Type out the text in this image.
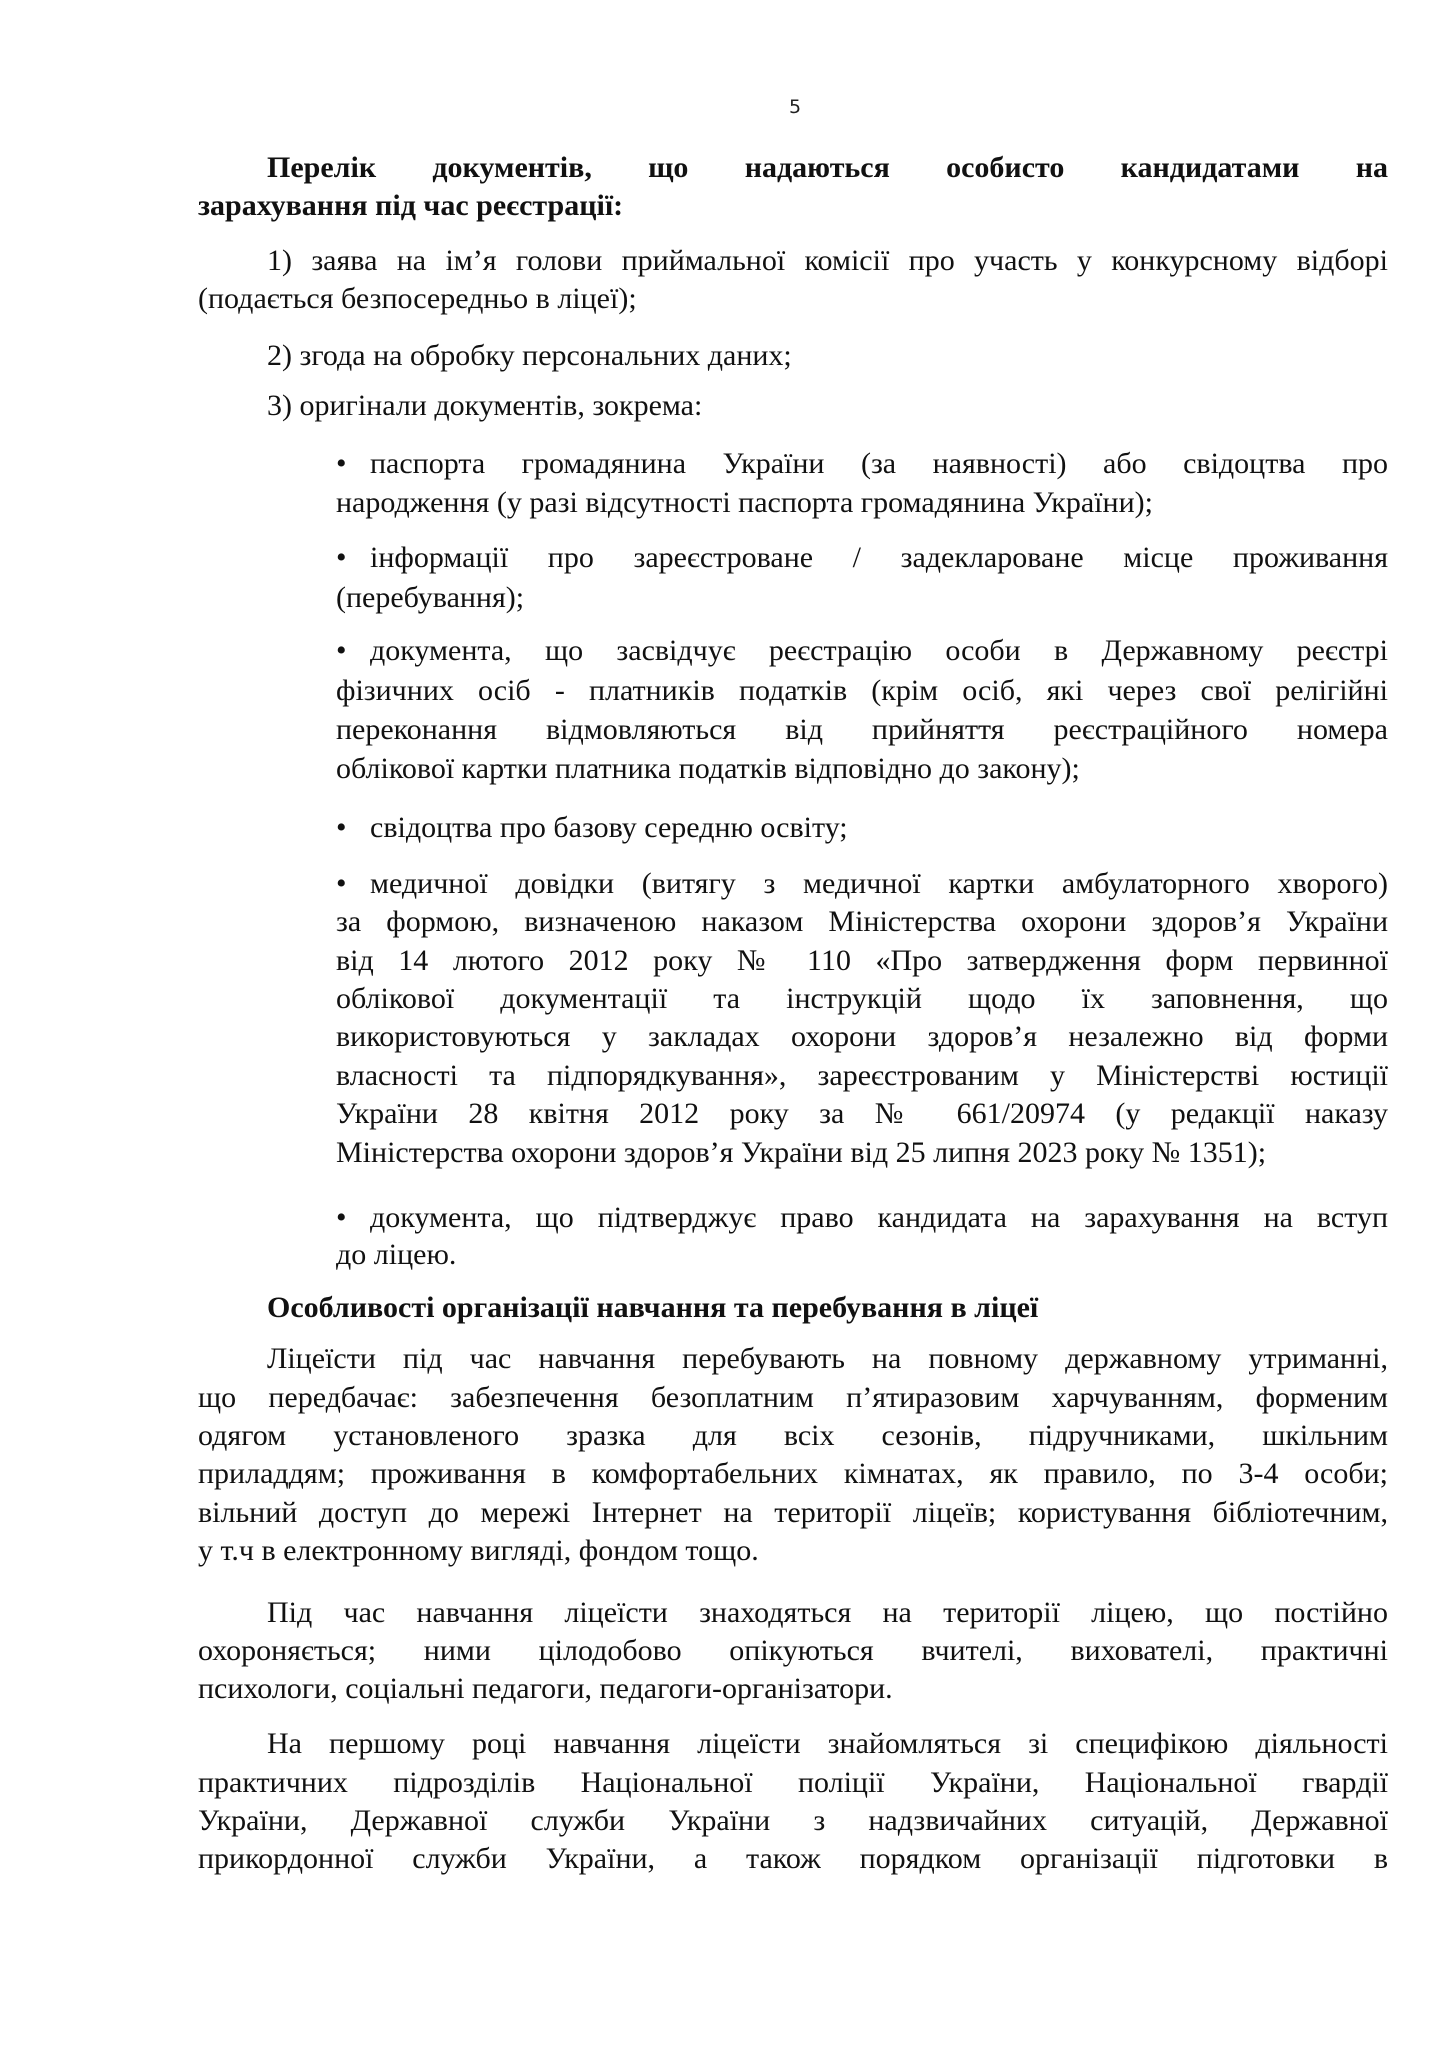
5
Перелік документів, що надаються особисто кандидатами на
зарахування під час реєстрації:
1) заява на ім’я голови приймальної комісії про участь у конкурсному відборі
(подається безпосередньо в ліцеї);
2) згода на обробку персональних даних;
3) оригінали документів, зокрема:
• паспорта громадянина України (за наявності) або свідоцтва про
народження (у разі відсутності паспорта громадянина України);
• інформації про зареєстроване / задеклароване місце проживання
(перебування);
• документа, що засвідчує реєстрацію особи в Державному реєстрі
фізичних осіб - платників податків (крім осіб, які через свої релігійні
переконання відмовляються від прийняття реєстраційного номера
облікової картки платника податків відповідно до закону);
• свідоцтва про базову середню освіту;
• медичної довідки (витягу з медичної картки амбулаторного хворого)
за формою, визначеною наказом Міністерства охорони здоров’я України
від 14 лютого 2012 року № 110 «Про затвердження форм первинної
облікової документації та інструкцій щодо їх заповнення, що
використовуються у закладах охорони здоров’я незалежно від форми
власності та підпорядкування», зареєстрованим у Міністерстві юстиції
України 28 квітня 2012 року за № 661/20974 (у редакції наказу
Міністерства охорони здоров’я України від 25 липня 2023 року № 1351);
• документа, що підтверджує право кандидата на зарахування на вступ
до ліцею.
Особливості організації навчання та перебування в ліцеї
Ліцеїсти під час навчання перебувають на повному державному утриманні,
що передбачає: забезпечення безоплатним п’ятиразовим харчуванням, форменим
одягом установленого зразка для всіх сезонів, підручниками, шкільним
приладдям; проживання в комфортабельних кімнатах, як правило, по 3-4 особи;
вільний доступ до мережі Інтернет на території ліцеїв; користування бібліотечним,
у т.ч в електронному вигляді, фондом тощо.
Під час навчання ліцеїсти знаходяться на території ліцею, що постійно
охороняється; ними цілодобово опікуються вчителі, вихователі, практичні
психологи, соціальні педагоги, педагоги-організатори.
На першому році навчання ліцеїсти знайомляться зі специфікою діяльності
практичних підрозділів Національної поліції України, Національної гвардії
України, Державної служби України з надзвичайних ситуацій, Державної
прикордонної служби України, а також порядком організації підготовки в
